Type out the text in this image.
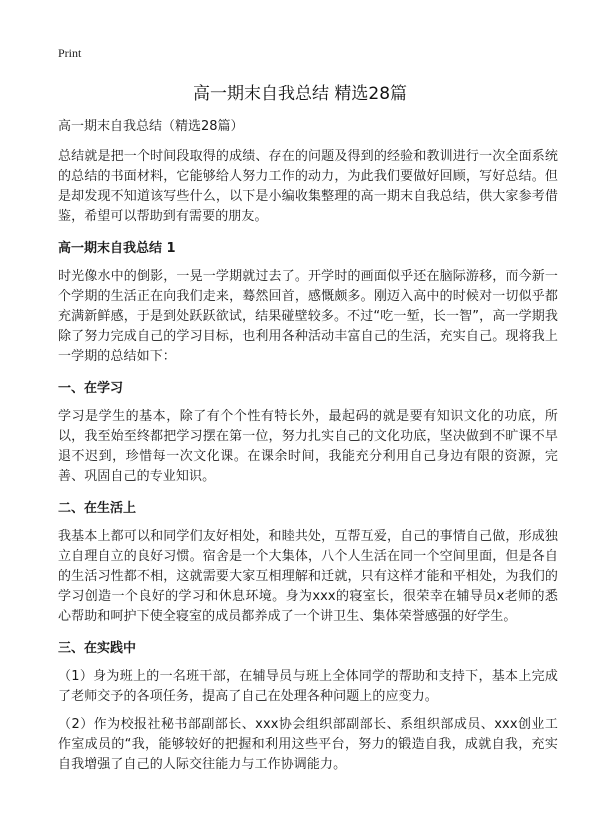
Print
高一期末自我总结 精选28篇

高一期末自我总结（精选28篇）

总结就是把一个时间段取得的成绩、存在的问题及得到的经验和教训进行一次全面系统的总结的书面材料，它能够给人努力工作的动力，为此我们要做好回顾，写好总结。但是却发现不知道该写些什么，以下是小编收集整理的高一期末自我总结，供大家参考借鉴，希望可以帮助到有需要的朋友。

高一期末自我总结 1

时光像水中的倒影，一晃一学期就过去了。开学时的画面似乎还在脑际游移，而今新一个学期的生活正在向我们走来，蓦然回首，感慨颇多。刚迈入高中的时候对一切似乎都充满新鲜感，于是到处跃跃欲试，结果碰壁较多。不过“吃一堑，长一智”，高一学期我除了努力完成自己的学习目标，也利用各种活动丰富自己的生活，充实自己。现将我上一学期的总结如下：

一、在学习

学习是学生的基本，除了有个个性有特长外，最起码的就是要有知识文化的功底，所以，我至始至终都把学习摆在第一位，努力扎实自己的文化功底，坚决做到不旷课不早退不迟到，珍惜每一次文化课。在课余时间，我能充分利用自己身边有限的资源，完善、巩固自己的专业知识。

二、在生活上

我基本上都可以和同学们友好相处，和睦共处，互帮互爱，自己的事情自己做，形成独立自理自立的良好习惯。宿舍是一个大集体，八个人生活在同一个空间里面，但是各自的生活习性都不相，这就需要大家互相理解和迁就，只有这样才能和平相处，为我们的学习创造一个良好的学习和休息环境。身为xxx的寝室长，很荣幸在辅导员x老师的悉心帮助和呵护下使全寝室的成员都养成了一个讲卫生、集体荣誉感强的好学生。

三、在实践中

（1）身为班上的一名班干部，在辅导员与班上全体同学的帮助和支持下，基本上完成了老师交予的各项任务，提高了自己在处理各种问题上的应变力。

（2）作为校报社秘书部副部长、xxx协会组织部副部长、系组织部成员、xxx创业工作室成员的“我，能够较好的把握和利用这些平台，努力的锻造自我，成就自我，充实自我增强了自己的人际交往能力与工作协调能力。
